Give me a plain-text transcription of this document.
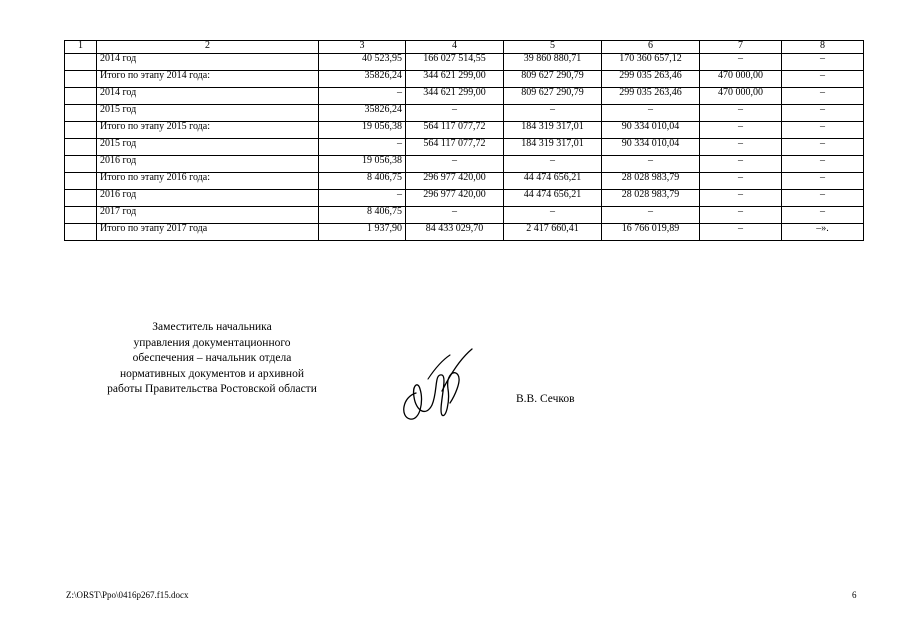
1	2	3	4	5	6	7	8
	2014 год	40 523,95	166 027 514,55	39 860 880,71	170 360 657,12	–	–
	Итого по этапу 2014 года:	35826,24	344 621 299,00	809 627 290,79	299 035 263,46	470 000,00	–
	2014 год	–	344 621 299,00	809 627 290,79	299 035 263,46	470 000,00	–
	2015 год	35826,24	–	–	–	–	–
	Итого по этапу 2015 года:	19 056,38	564 117 077,72	184 319 317,01	90 334 010,04	–	–
	2015 год	–	564 117 077,72	184 319 317,01	90 334 010,04	–	–
	2016 год	19 056,38	–	–	–	–	–
	Итого по этапу 2016 года:	8 406,75	296 977 420,00	44 474 656,21	28 028 983,79	–	–
	2016 год	–	296 977 420,00	44 474 656,21	28 028 983,79	–	–
	2017 год	8 406,75	–	–	–	–	–
	Итого по этапу 2017 года	1 937,90	84 433 029,70	2 417 660,41	16 766 019,89	–	–».
Заместитель начальника
управления документационного
обеспечения – начальник отдела
нормативных документов и архивной
работы Правительства Ростовской области
В.В. Сечков
Z:\ORST\Ppo\0416p267.f15.docx	6
